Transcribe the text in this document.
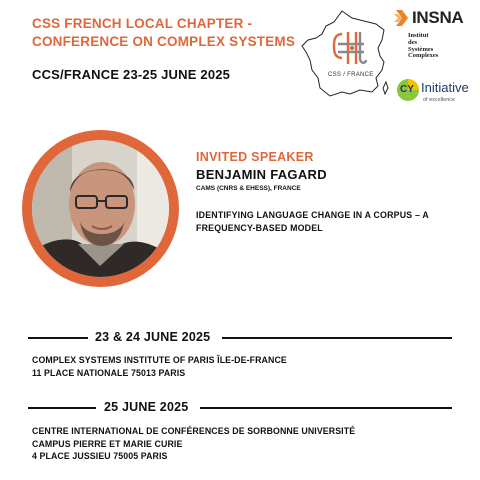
CSS FRENCH LOCAL CHAPTER -
CONFERENCE ON COMPLEX SYSTEMS
CCS/FRANCE 23-25 JUNE 2025	CSS / FRANCE
INSNA
Institut
des
Systèmes
Complexes
CY Initiative
of excellence
INVITED SPEAKER
BENJAMIN FAGARD
CAMS (CNRS & EHESS), FRANCE
IDENTIFYING LANGUAGE CHANGE IN A CORPUS – A FREQUENCY-BASED MODEL
23 & 24 JUNE 2025
COMPLEX SYSTEMS INSTITUTE OF PARIS ÎLE-DE-FRANCE
11 PLACE NATIONALE 75013 PARIS
25 JUNE 2025
CENTRE INTERNATIONAL DE CONFÉRENCES DE SORBONNE UNIVERSITÉ
CAMPUS PIERRE ET MARIE CURIE
4 PLACE JUSSIEU 75005 PARIS
